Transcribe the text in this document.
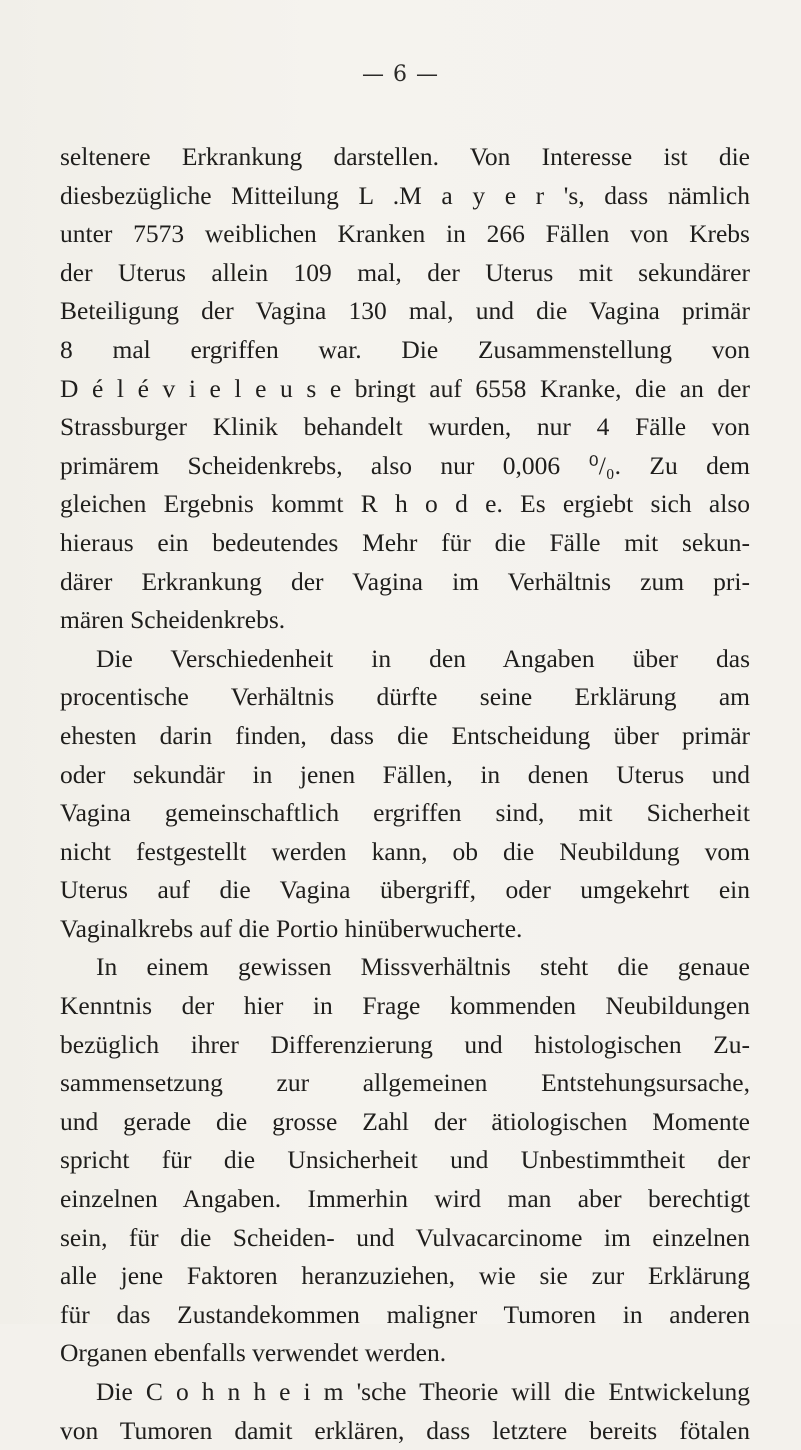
— 6 —
seltenere Erkrankung darstellen. Von Interesse ist die
diesbezügliche Mitteilung L .M a y e r 's, dass nämlich
unter 7573 weiblichen Kranken in 266 Fällen von Krebs
der Uterus allein 109 mal, der Uterus mit sekundärer
Beteiligung der Vagina 130 mal, und die Vagina primär
8 mal ergriffen war. Die Zusammenstellung von
D é l é v i e l e u s e bringt auf 6558 Kranke, die an der
Strassburger Klinik behandelt wurden, nur 4 Fälle von
primärem Scheidenkrebs, also nur 0,006 ⁰/₀. Zu dem
gleichen Ergebnis kommt R h o d e. Es ergiebt sich also
hieraus ein bedeutendes Mehr für die Fälle mit sekun-
därer Erkrankung der Vagina im Verhältnis zum pri-
mären Scheidenkrebs.
Die Verschiedenheit in den Angaben über das
procentische Verhältnis dürfte seine Erklärung am
ehesten darin finden, dass die Entscheidung über primär
oder sekundär in jenen Fällen, in denen Uterus und
Vagina gemeinschaftlich ergriffen sind, mit Sicherheit
nicht festgestellt werden kann, ob die Neubildung vom
Uterus auf die Vagina übergriff, oder umgekehrt ein
Vaginalkrebs auf die Portio hinüberwucherte.
In einem gewissen Missverhältnis steht die genaue
Kenntnis der hier in Frage kommenden Neubildungen
bezüglich ihrer Differenzierung und histologischen Zu-
sammensetzung zur allgemeinen Entstehungsursache,
und gerade die grosse Zahl der ätiologischen Momente
spricht für die Unsicherheit und Unbestimmtheit der
einzelnen Angaben. Immerhin wird man aber berechtigt
sein, für die Scheiden- und Vulvacarcinome im einzelnen
alle jene Faktoren heranzuziehen, wie sie zur Erklärung
für das Zustandekommen maligner Tumoren in anderen
Organen ebenfalls verwendet werden.
Die C o h n h e i m 'sche Theorie will die Entwickelung
von Tumoren damit erklären, dass letztere bereits fötalen
